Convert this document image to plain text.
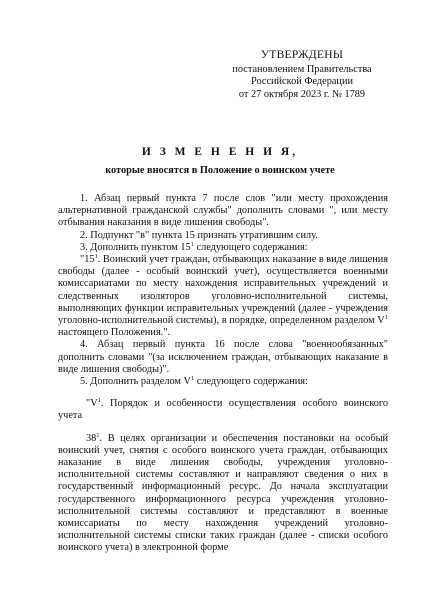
УТВЕРЖДЕНЫ
постановлением Правительства
Российской Федерации
от 27 октября 2023 г. № 1789
И З М Е Н Е Н И Я,
которые вносятся в Положение о воинском учете

1. Абзац первый пункта 7 после слов "или месту прохождения альтернативной гражданской службы" дополнить словами ", или месту отбывания наказания в виде лишения свободы".

2. Подпункт "в" пункта 15 признать утратившим силу.

3. Дополнить пунктом $15^1$ следующего содержания:

"$15^1$. Воинский учет граждан, отбывающих наказание в виде лишения свободы (далее - особый воинский учет), осуществляется военными комиссариатами по месту нахождения исправительных учреждений и следственных изоляторов уголовно-исполнительной системы, выполняющих функции исправительных учреждений (далее - учреждения уголовно-исполнительной системы), в порядке, определенном разделом $V^1$ настоящего Положения.".

4. Абзац первый пункта 16 после слова "военнообязанных" дополнить словами "(за исключением граждан, отбывающих наказание в виде лишения свободы)".

5. Дополнить разделом $V^1$ следующего содержания:

"$V^1$. Порядок и особенности осуществления особого воинского учета

$38^1$. В целях организации и обеспечения постановки на особый воинский учет, снятия с особого воинского учета граждан, отбывающих наказание в виде лишения свободы, учреждения уголовно-исполнительной системы составляют и направляют сведения о них в государственный информационный ресурс. До начала эксплуатации государственного информационного ресурса учреждения уголовно-исполнительной системы составляют и представляют в военные комиссариаты по месту нахождения учреждений уголовно-исполнительной системы списки таких граждан (далее - списки особого воинского учета) в электронной форме
